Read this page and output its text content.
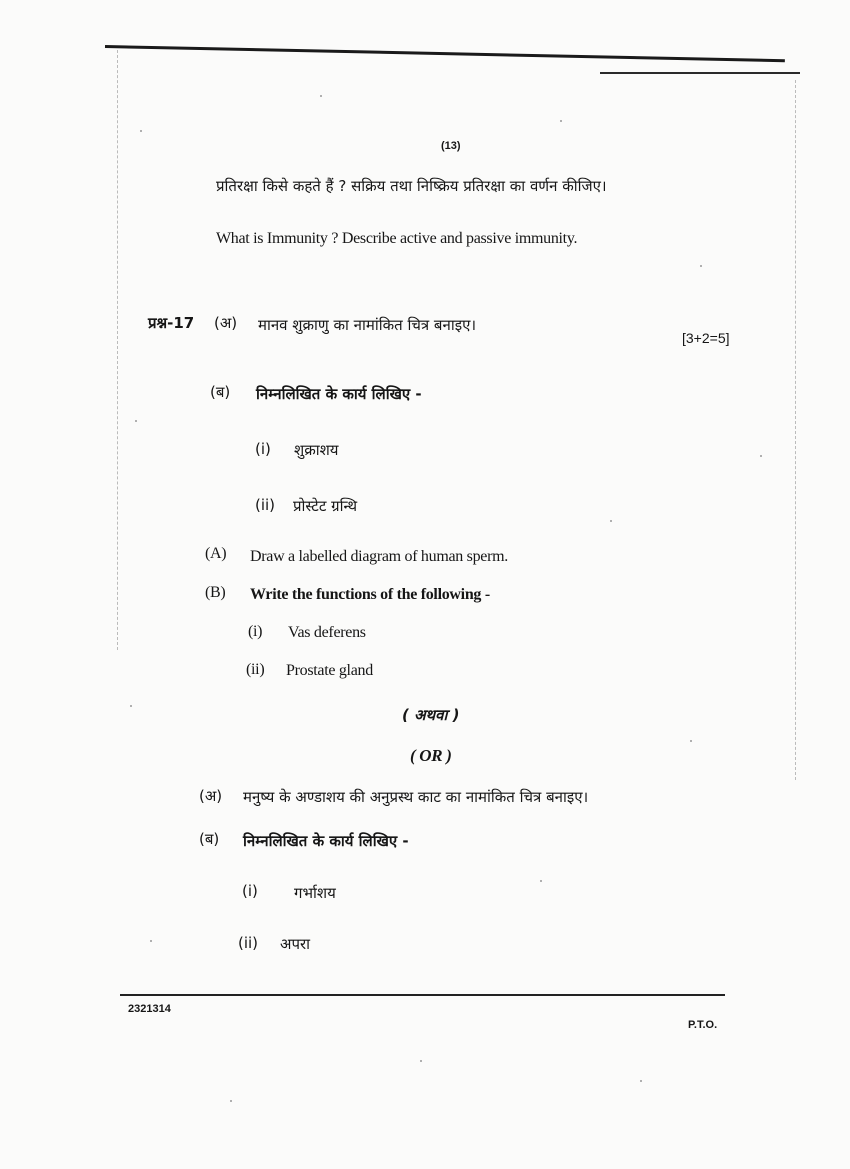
(13)
प्रतिरक्षा किसे कहते हैं ? सक्रिय तथा निष्क्रिय प्रतिरक्षा का वर्णन कीजिए।
What is Immunity ? Describe active and passive immunity.
प्रश्न-17 (अ) मानव शुक्राणु का नामांकित चित्र बनाइए।
[3+2=5]
(ब) निम्नलिखित के कार्य लिखिए -
(i) शुक्राशय
(ii) प्रोस्टेट ग्रन्थि
(A) Draw a labelled diagram of human sperm.
(B) Write the functions of the following -
(i) Vas deferens
(ii) Prostate gland
( अथवा )
( OR )
(अ) मनुष्य के अण्डाशय की अनुप्रस्थ काट का नामांकित चित्र बनाइए।
(ब) निम्नलिखित के कार्य लिखिए -
(i) गर्भाशय
(ii) अपरा
2321314
P.T.O.
